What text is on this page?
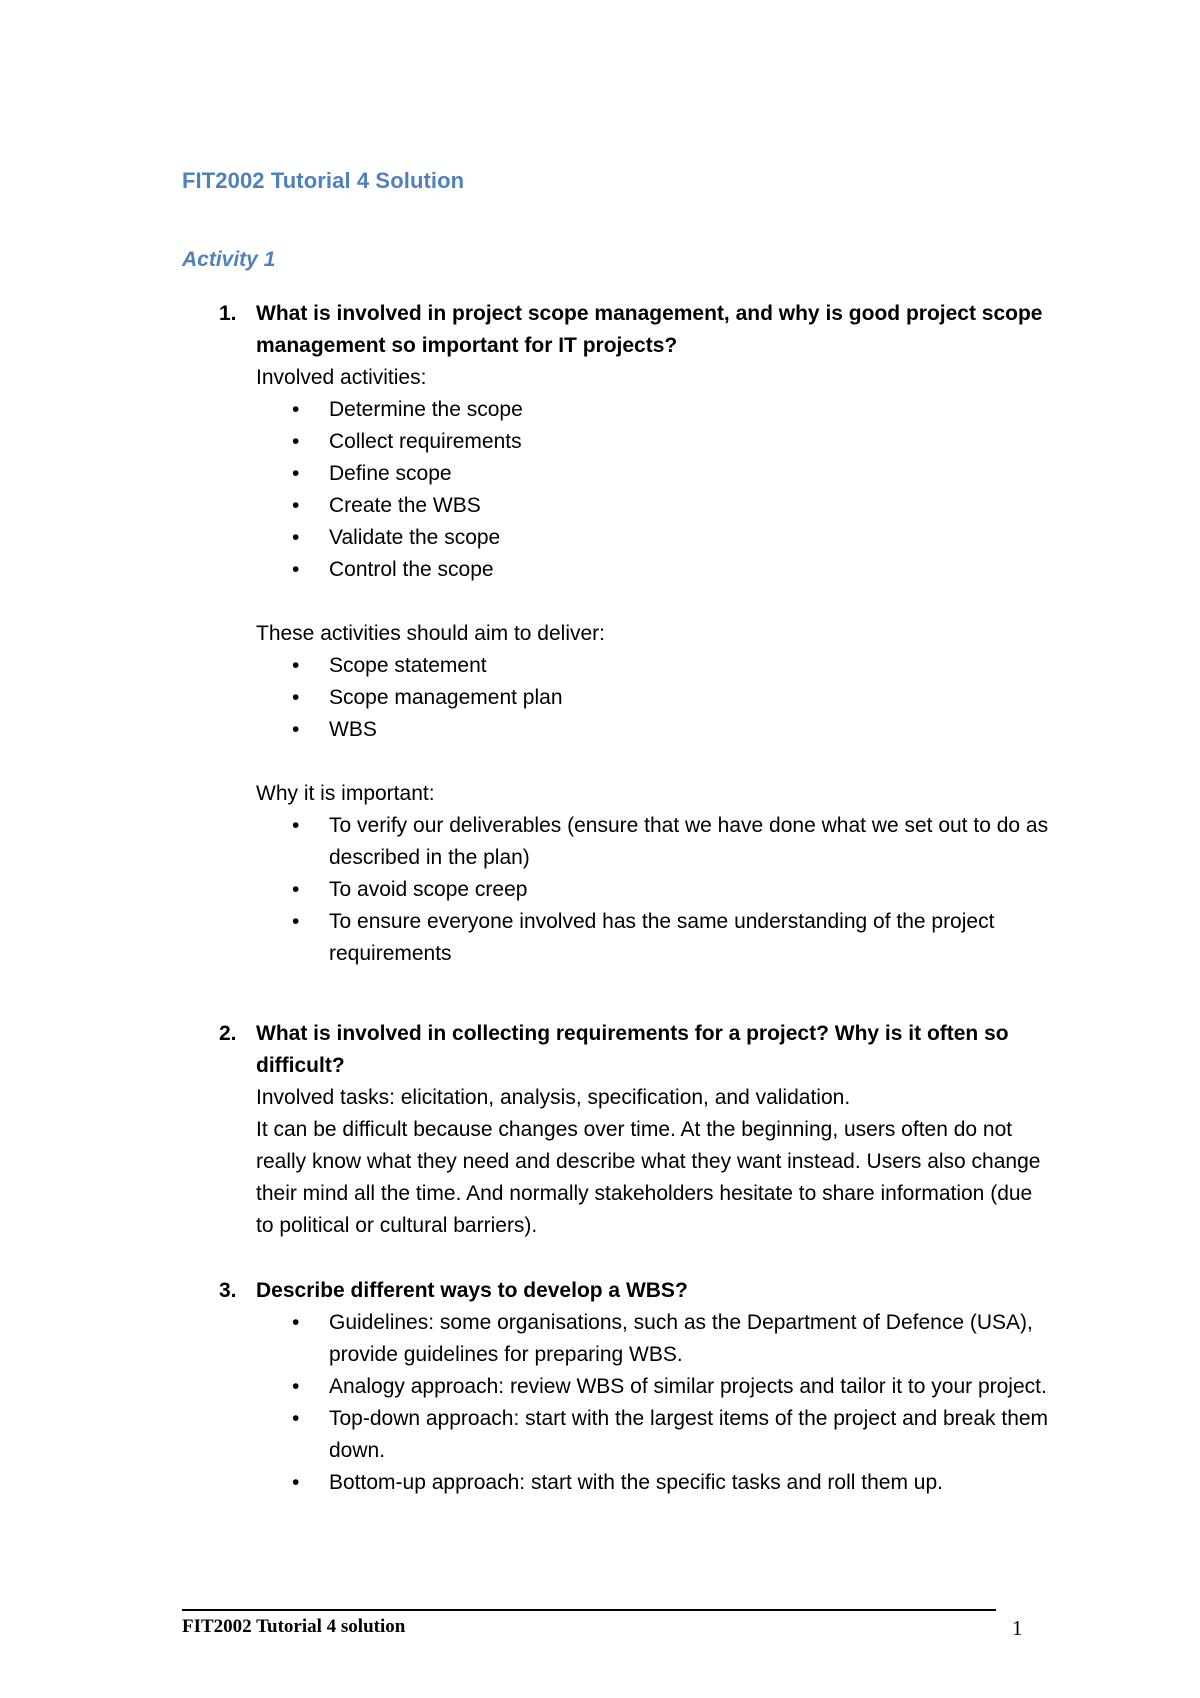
FIT2002 Tutorial 4 Solution
Activity 1
1. What is involved in project scope management, and why is good project scope management so important for IT projects?

Involved activities:

• Determine the scope
• Collect requirements
• Define scope
• Create the WBS
• Validate the scope
• Control the scope

These activities should aim to deliver:

• Scope statement
• Scope management plan
• WBS

Why it is important:

• To verify our deliverables (ensure that we have done what we set out to do as described in the plan)
• To avoid scope creep
• To ensure everyone involved has the same understanding of the project requirements
2. What is involved in collecting requirements for a project? Why is it often so difficult?

Involved tasks: elicitation, analysis, specification, and validation.

It can be difficult because changes over time. At the beginning, users often do not really know what they need and describe what they want instead. Users also change their mind all the time. And normally stakeholders hesitate to share information (due to political or cultural barriers).

3. Describe different ways to develop a WBS?

• Guidelines: some organisations, such as the Department of Defence (USA), provide guidelines for preparing WBS.
• Analogy approach: review WBS of similar projects and tailor it to your project.
• Top-down approach: start with the largest items of the project and break them down.
• Bottom-up approach: start with the specific tasks and roll them up.
FIT2002 Tutorial 4 solution	1
